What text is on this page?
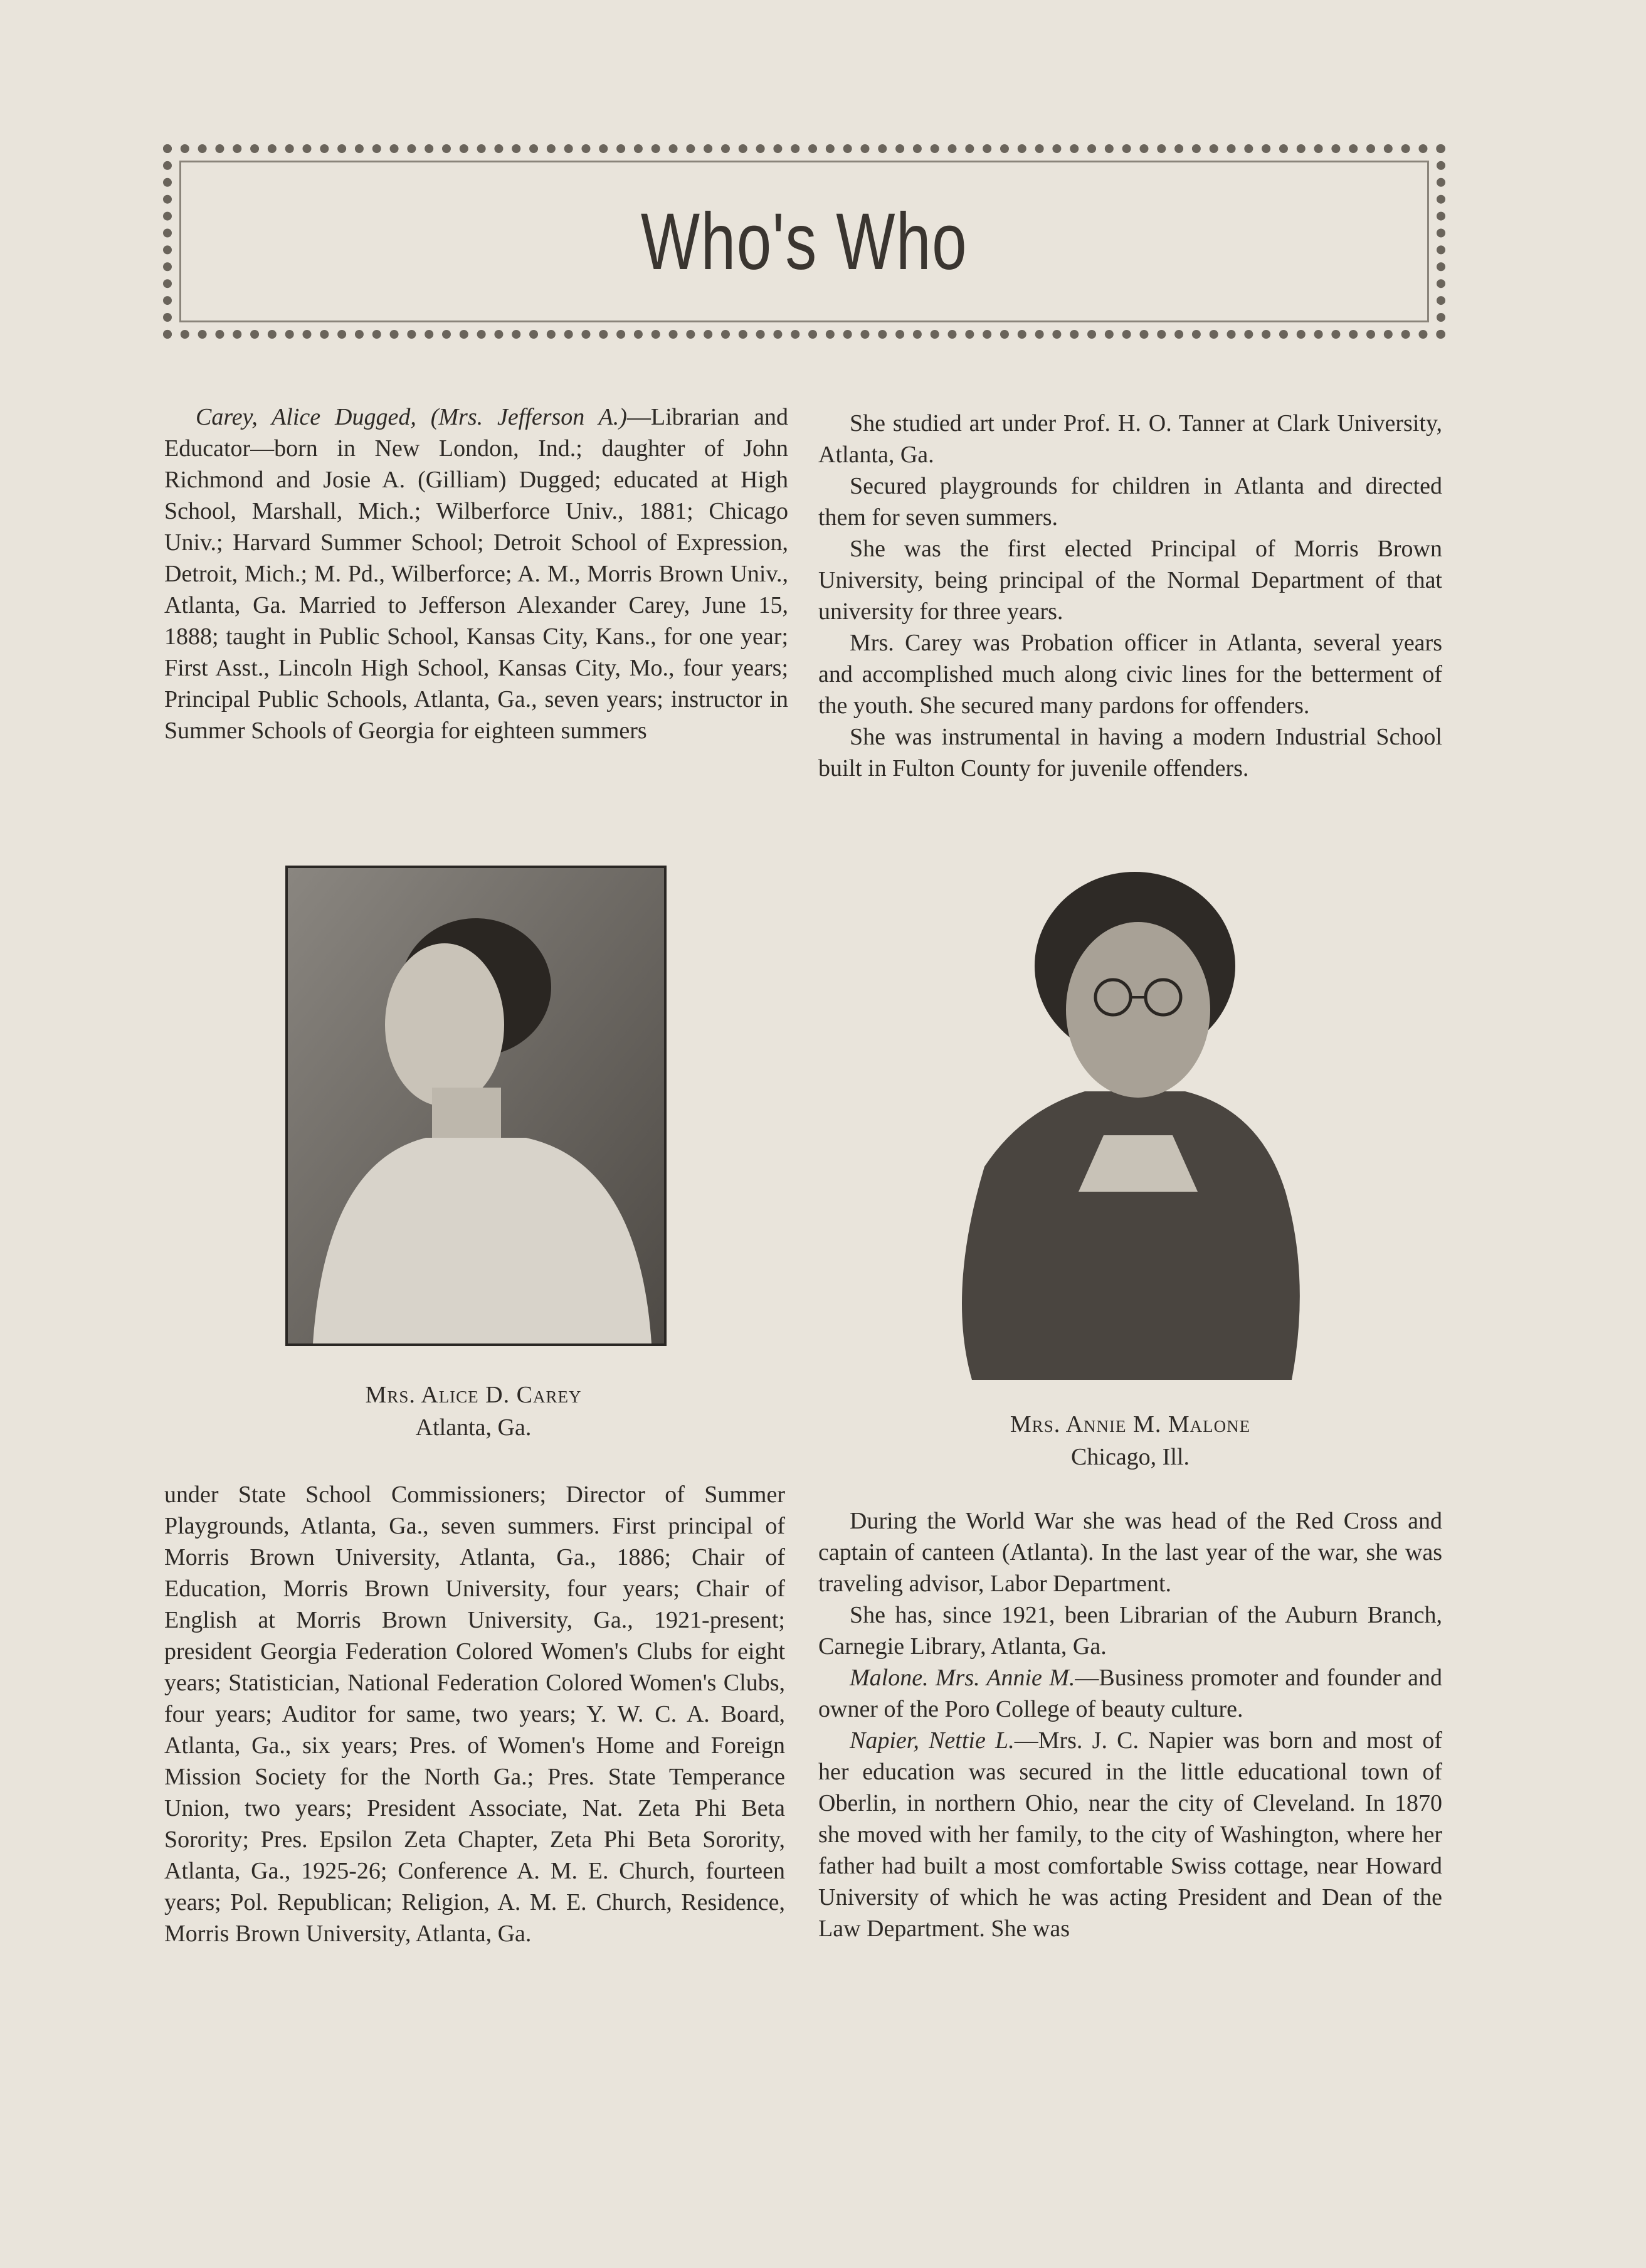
Who's Who

Carey, Alice Dugged, (Mrs. Jefferson A.)—Librarian and Educator—born in New London, Ind.; daughter of John Richmond and Josie A. (Gilliam) Dugged; educated at High School, Marshall, Mich.; Wilberforce Univ., 1881; Chicago Univ.; Harvard Summer School; Detroit School of Expression, Detroit, Mich.; M. Pd., Wilberforce; A. M., Morris Brown Univ., Atlanta, Ga. Married to Jefferson Alexander Carey, June 15, 1888; taught in Public School, Kansas City, Kans., for one year; First Asst., Lincoln High School, Kansas City, Mo., four years; Principal Public Schools, Atlanta, Ga., seven years; instructor in Summer Schools of Georgia for eighteen summers

Mrs. Alice D. Carey
Atlanta, Ga.

under State School Commissioners; Director of Summer Playgrounds, Atlanta, Ga., seven summers. First principal of Morris Brown University, Atlanta, Ga., 1886; Chair of Education, Morris Brown University, four years; Chair of English at Morris Brown University, Ga., 1921-present; president Georgia Federation Colored Women's Clubs for eight years; Statistician, National Federation Colored Women's Clubs, four years; Auditor for same, two years; Y. W. C. A. Board, Atlanta, Ga., six years; Pres. of Women's Home and Foreign Mission Society for the North Ga.; Pres. State Temperance Union, two years; President Associate, Nat. Zeta Phi Beta Sorority; Pres. Epsilon Zeta Chapter, Zeta Phi Beta Sorority, Atlanta, Ga., 1925-26; Conference A. M. E. Church, fourteen years; Pol. Republican; Religion, A. M. E. Church, Residence, Morris Brown University, Atlanta, Ga.

She studied art under Prof. H. O. Tanner at Clark University, Atlanta, Ga.

Secured playgrounds for children in Atlanta and directed them for seven summers.

She was the first elected Principal of Morris Brown University, being principal of the Normal Department of that university for three years.

Mrs. Carey was Probation officer in Atlanta, several years and accomplished much along civic lines for the betterment of the youth. She secured many pardons for offenders.

She was instrumental in having a modern Industrial School built in Fulton County for juvenile offenders.

Mrs. Annie M. Malone
Chicago, Ill.

During the World War she was head of the Red Cross and captain of canteen (Atlanta). In the last year of the war, she was traveling advisor, Labor Department.

She has, since 1921, been Librarian of the Auburn Branch, Carnegie Library, Atlanta, Ga.

Malone. Mrs. Annie M.—Business promoter and founder and owner of the Poro College of beauty culture.

Napier, Nettie L.—Mrs. J. C. Napier was born and most of her education was secured in the little educational town of Oberlin, in northern Ohio, near the city of Cleveland. In 1870 she moved with her family, to the city of Washington, where her father had built a most comfortable Swiss cottage, near Howard University of which he was acting President and Dean of the Law Department. She was
